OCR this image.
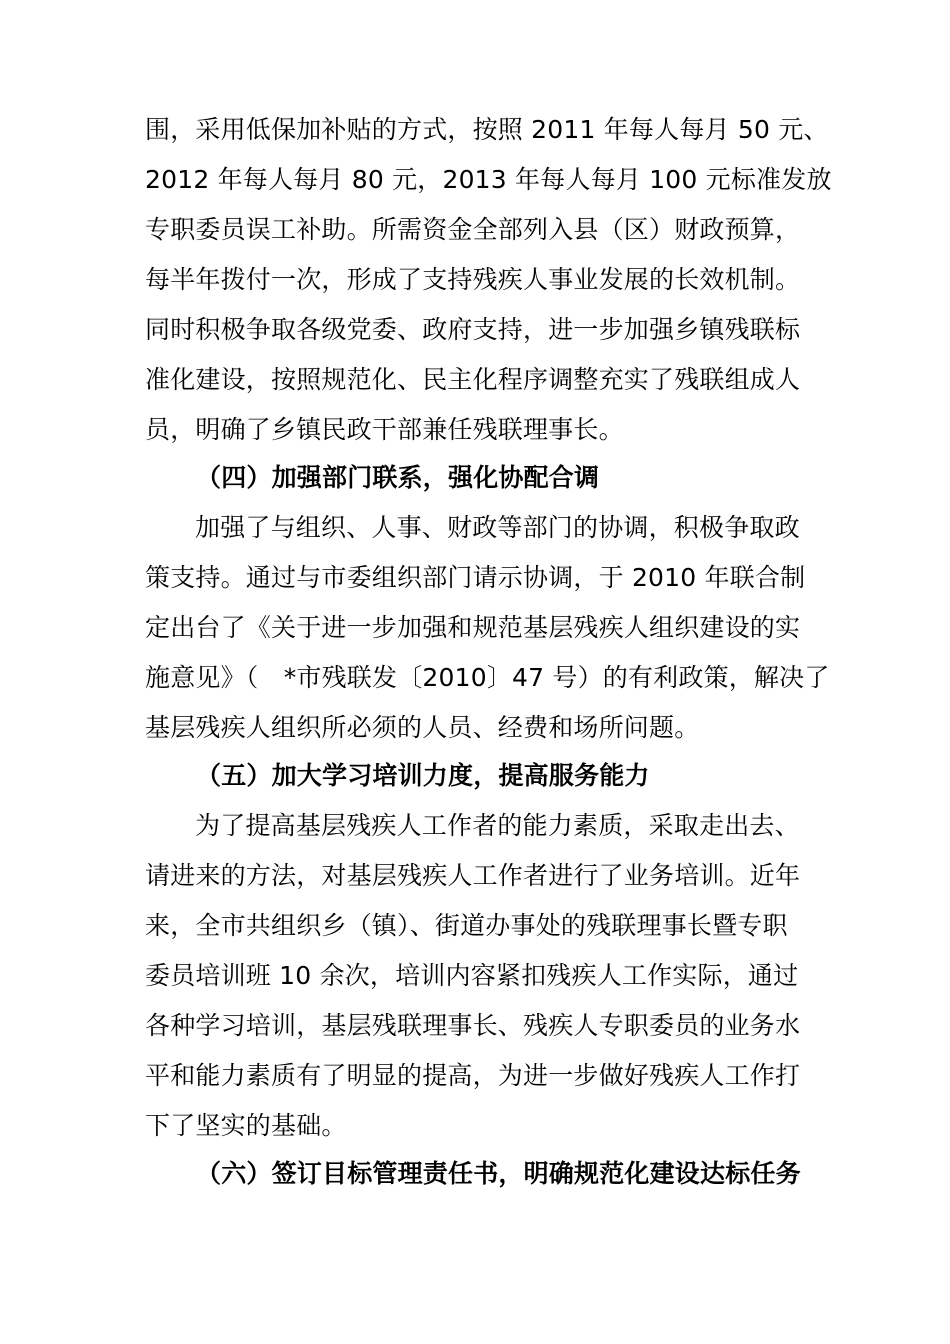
围，采用低保加补贴的方式，按照 2011 年每人每月 50 元、
2012 年每人每月 80 元，2013 年每人每月 100 元标准发放
专职委员误工补助。所需资金全部列入县（区）财政预算，
每半年拨付一次，形成了支持残疾人事业发展的长效机制。
同时积极争取各级党委、政府支持，进一步加强乡镇残联标
准化建设，按照规范化、民主化程序调整充实了残联组成人
员，明确了乡镇民政干部兼任残联理事长。
（四）加强部门联系，强化协配合调
加强了与组织、人事、财政等部门的协调，积极争取政
策支持。通过与市委组织部门请示协调，于 2010 年联合制
定出台了《关于进一步加强和规范基层残疾人组织建设的实
施意见》（　*市残联发〔2010〕47 号）的有利政策，解决了
基层残疾人组织所必须的人员、经费和场所问题。
（五）加大学习培训力度，提高服务能力
为了提高基层残疾人工作者的能力素质，采取走出去、
请进来的方法，对基层残疾人工作者进行了业务培训。近年
来，全市共组织乡（镇）、街道办事处的残联理事长暨专职
委员培训班 10 余次，培训内容紧扣残疾人工作实际，通过
各种学习培训，基层残联理事长、残疾人专职委员的业务水
平和能力素质有了明显的提高，为进一步做好残疾人工作打
下了坚实的基础。
（六）签订目标管理责任书，明确规范化建设达标任务
